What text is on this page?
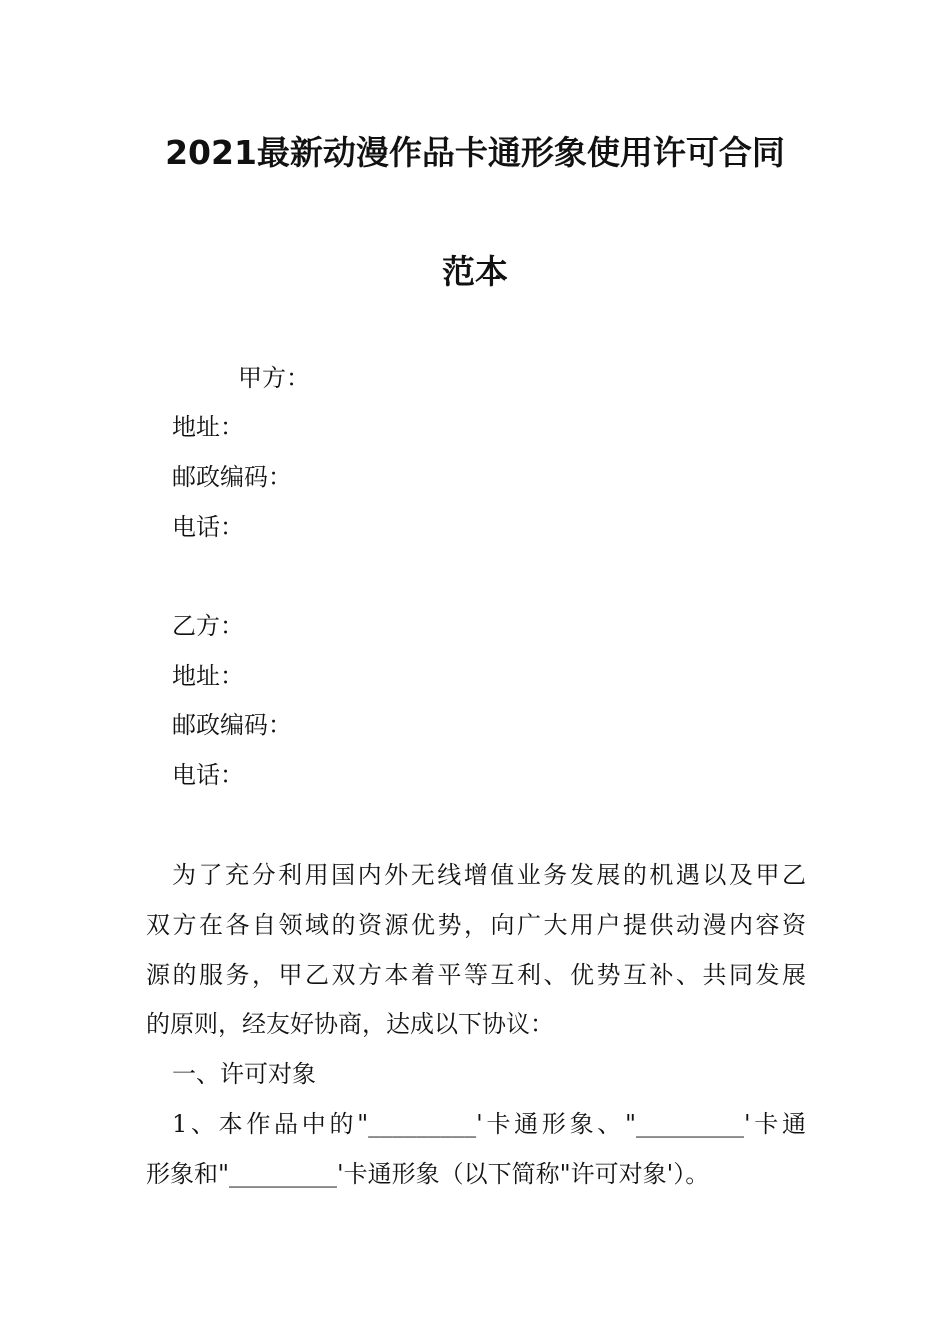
2021最新动漫作品卡通形象使用许可合同
范本

甲方：

地址：

邮政编码：

电话：

乙方：

地址：

邮政编码：

电话：

为了充分利用国内外无线增值业务发展的机遇以及甲乙

双方在各自领域的资源优势，向广大用户提供动漫内容资

源的服务，甲乙双方本着平等互利、优势互补、共同发展

的原则，经友好协商，达成以下协议：

一、许可对象

1、本作品中的"_________'卡通形象、"_________'卡通

形象和"_________'卡通形象（以下简称"许可对象'）。
